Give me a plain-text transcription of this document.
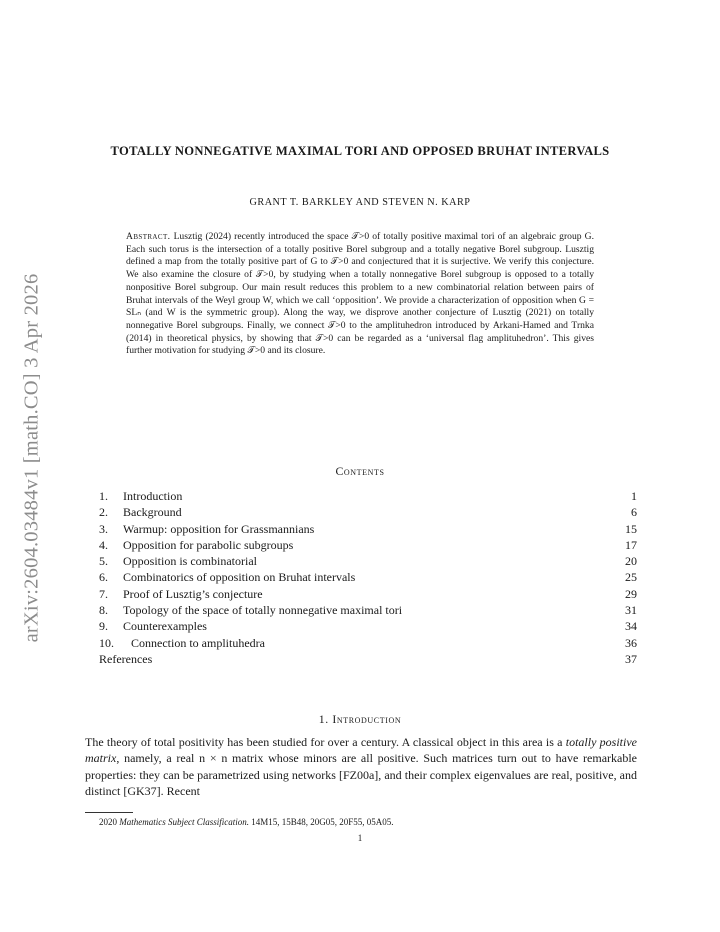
arXiv:2604.03484v1 [math.CO] 3 Apr 2026
TOTALLY NONNEGATIVE MAXIMAL TORI AND OPPOSED BRUHAT INTERVALS
GRANT T. BARKLEY AND STEVEN N. KARP
Abstract. Lusztig (2024) recently introduced the space 𝒯>0 of totally positive maximal tori of an algebraic group G. Each such torus is the intersection of a totally positive Borel subgroup and a totally negative Borel subgroup. Lusztig defined a map from the totally positive part of G to 𝒯>0 and conjectured that it is surjective. We verify this conjecture. We also examine the closure of 𝒯>0, by studying when a totally nonnegative Borel subgroup is opposed to a totally nonpositive Borel subgroup. Our main result reduces this problem to a new combinatorial relation between pairs of Bruhat intervals of the Weyl group W, which we call ‘opposition’. We provide a characterization of opposition when G = SLₙ (and W is the symmetric group). Along the way, we disprove another conjecture of Lusztig (2021) on totally nonnegative Borel subgroups. Finally, we connect 𝒯>0 to the amplituhedron introduced by Arkani-Hamed and Trnka (2014) in theoretical physics, by showing that 𝒯>0 can be regarded as a ‘universal flag amplituhedron’. This gives further motivation for studying 𝒯>0 and its closure.
Contents
1. Introduction	1
2. Background	6
3. Warmup: opposition for Grassmannians	15
4. Opposition for parabolic subgroups	17
5. Opposition is combinatorial	20
6. Combinatorics of opposition on Bruhat intervals	25
7. Proof of Lusztig’s conjecture	29
8. Topology of the space of totally nonnegative maximal tori	31
9. Counterexamples	34
10. Connection to amplituhedra	36
References	37
1. Introduction
The theory of total positivity has been studied for over a century. A classical object in this area is a totally positive matrix, namely, a real n × n matrix whose minors are all positive. Such matrices turn out to have remarkable properties: they can be parametrized using networks [FZ00a], and their complex eigenvalues are real, positive, and distinct [GK37]. Recent
2020 Mathematics Subject Classification. 14M15, 15B48, 20G05, 20F55, 05A05.
1
